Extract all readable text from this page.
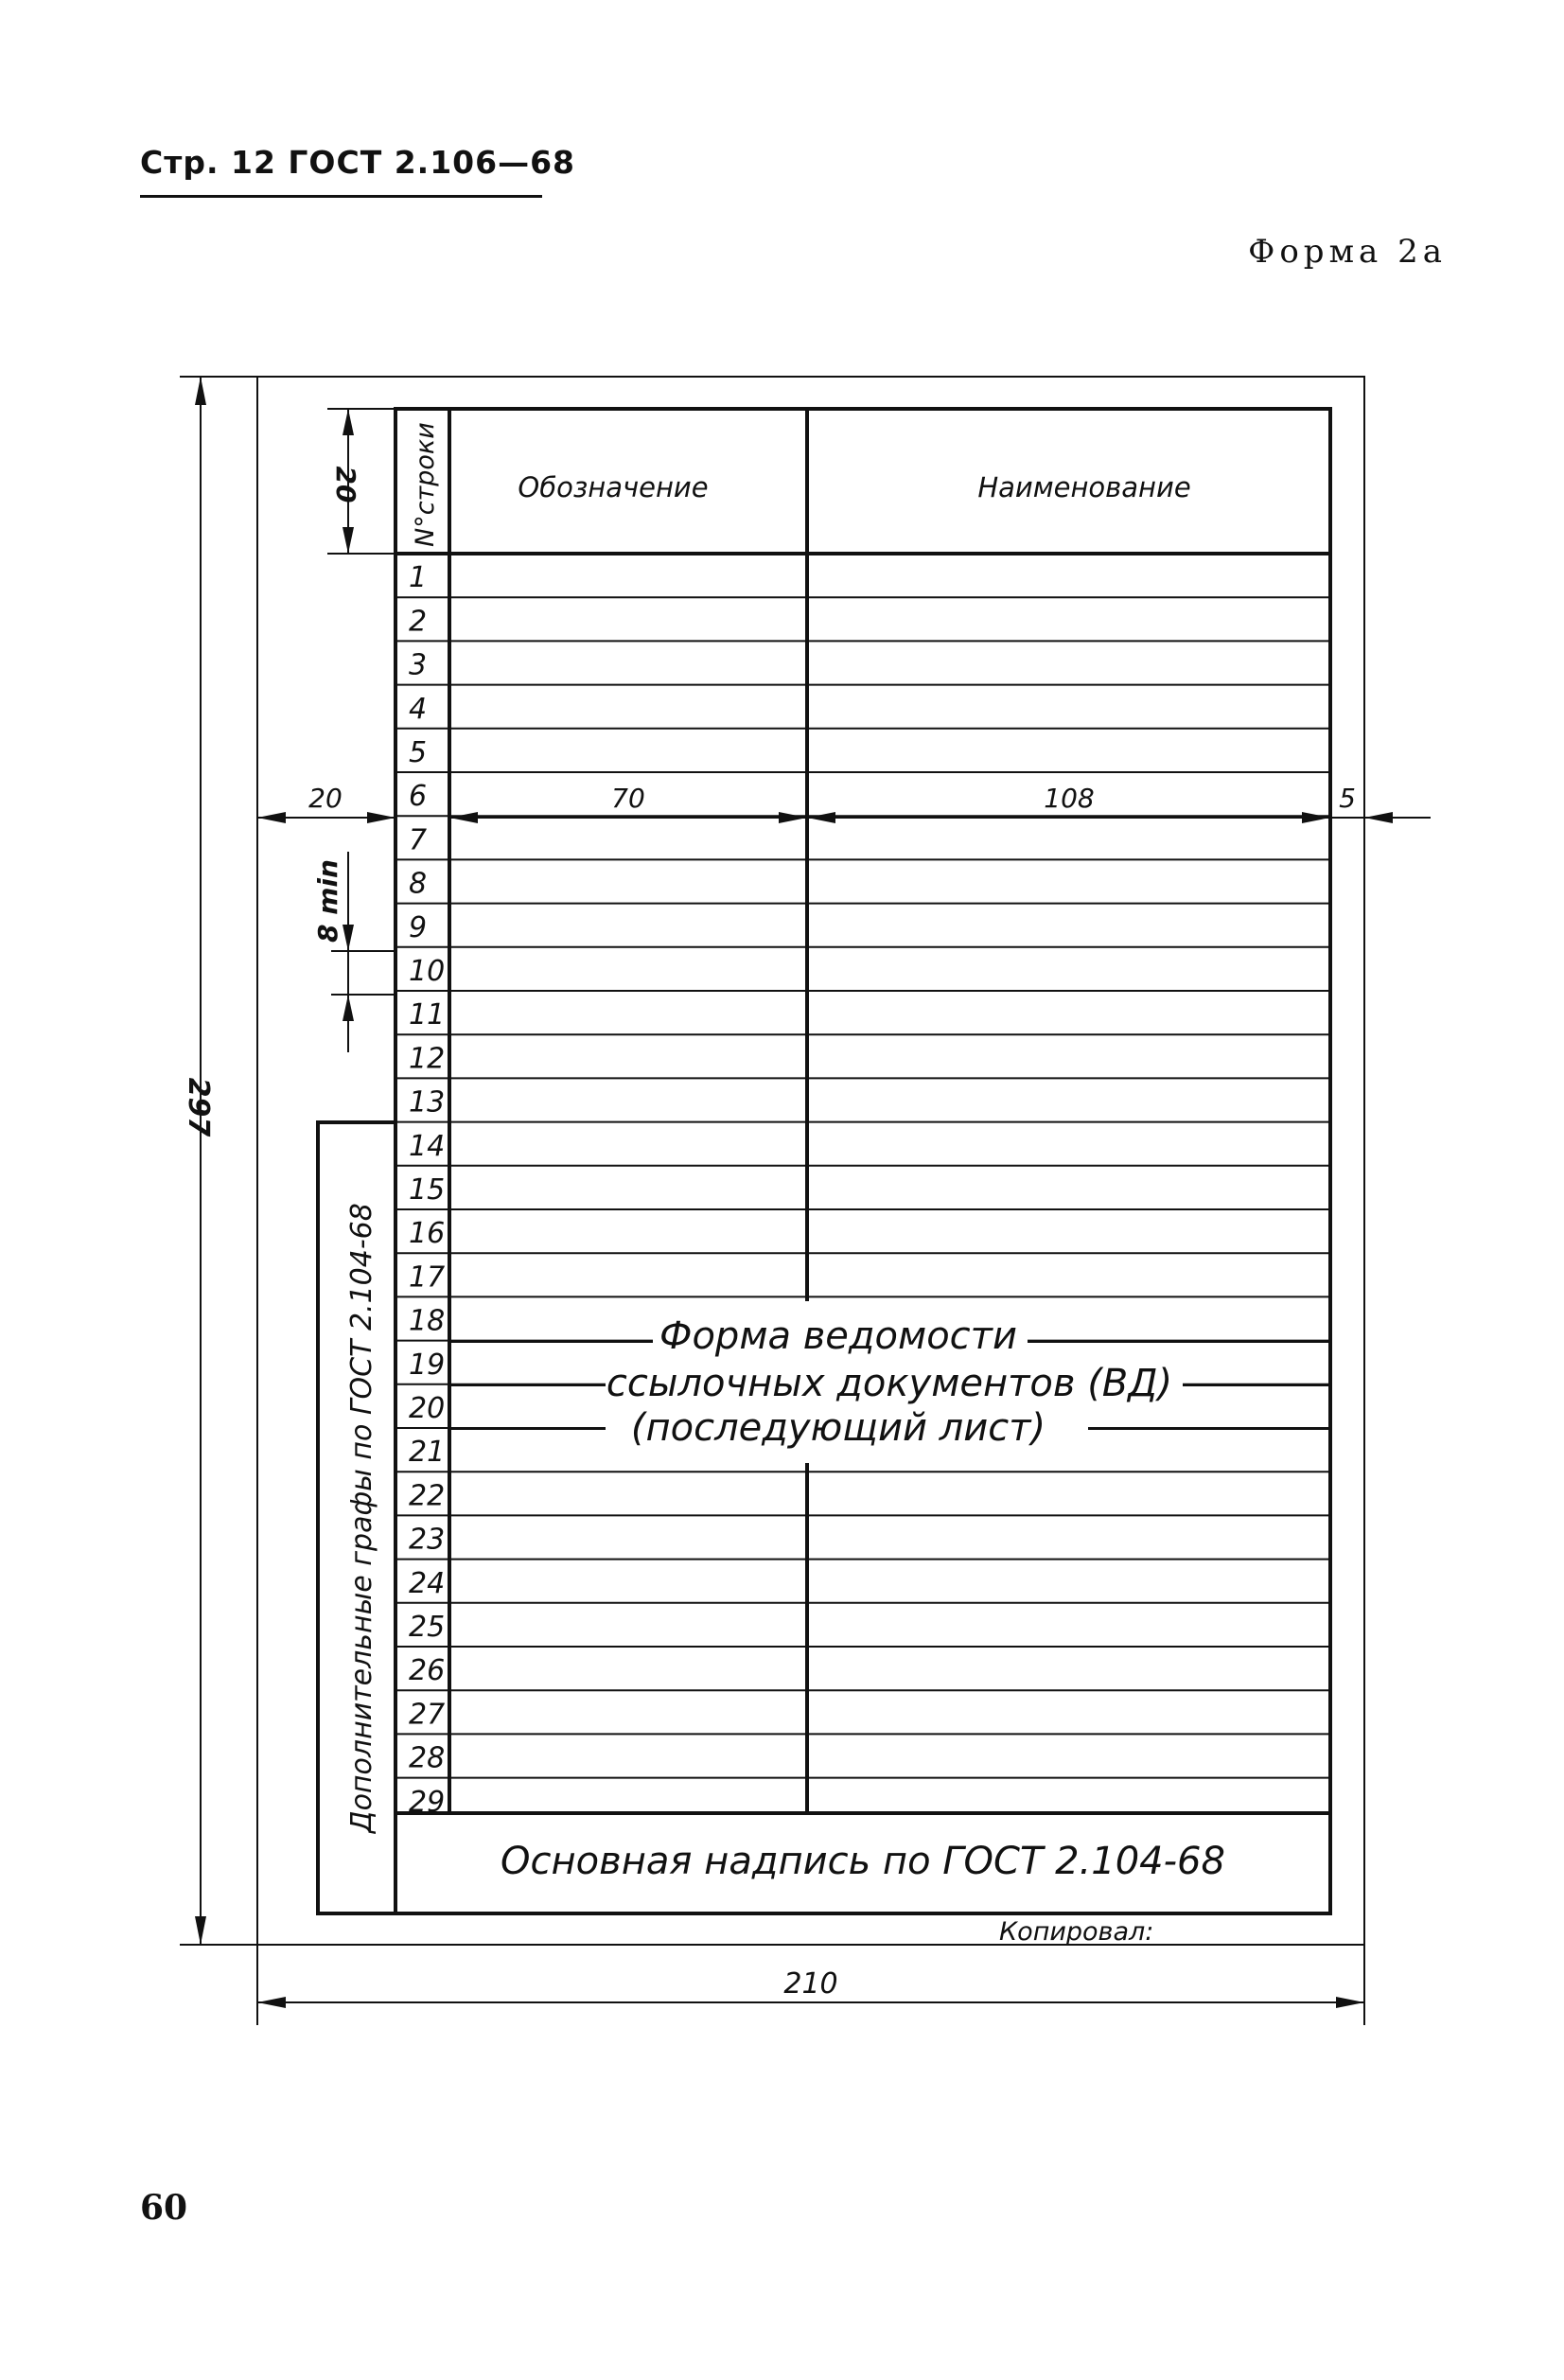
Стр. 12 ГОСТ 2.106—68
Форма 2а
N°строки	Обозначение	Наименование
1
2
3
4
5
6
7
8
9
10
11
12
13
14
15
16
17
18
19
20
21
22
23
24
25
26
27
28
29
Форма ведомости
ссылочных документов (ВД)
(последующий лист)
Основная надпись по ГОСТ 2.104-68
Дополнительные графы по ГОСТ 2.104-68
Копировал:
297
210
20
20	70	108	5
8 min
60
